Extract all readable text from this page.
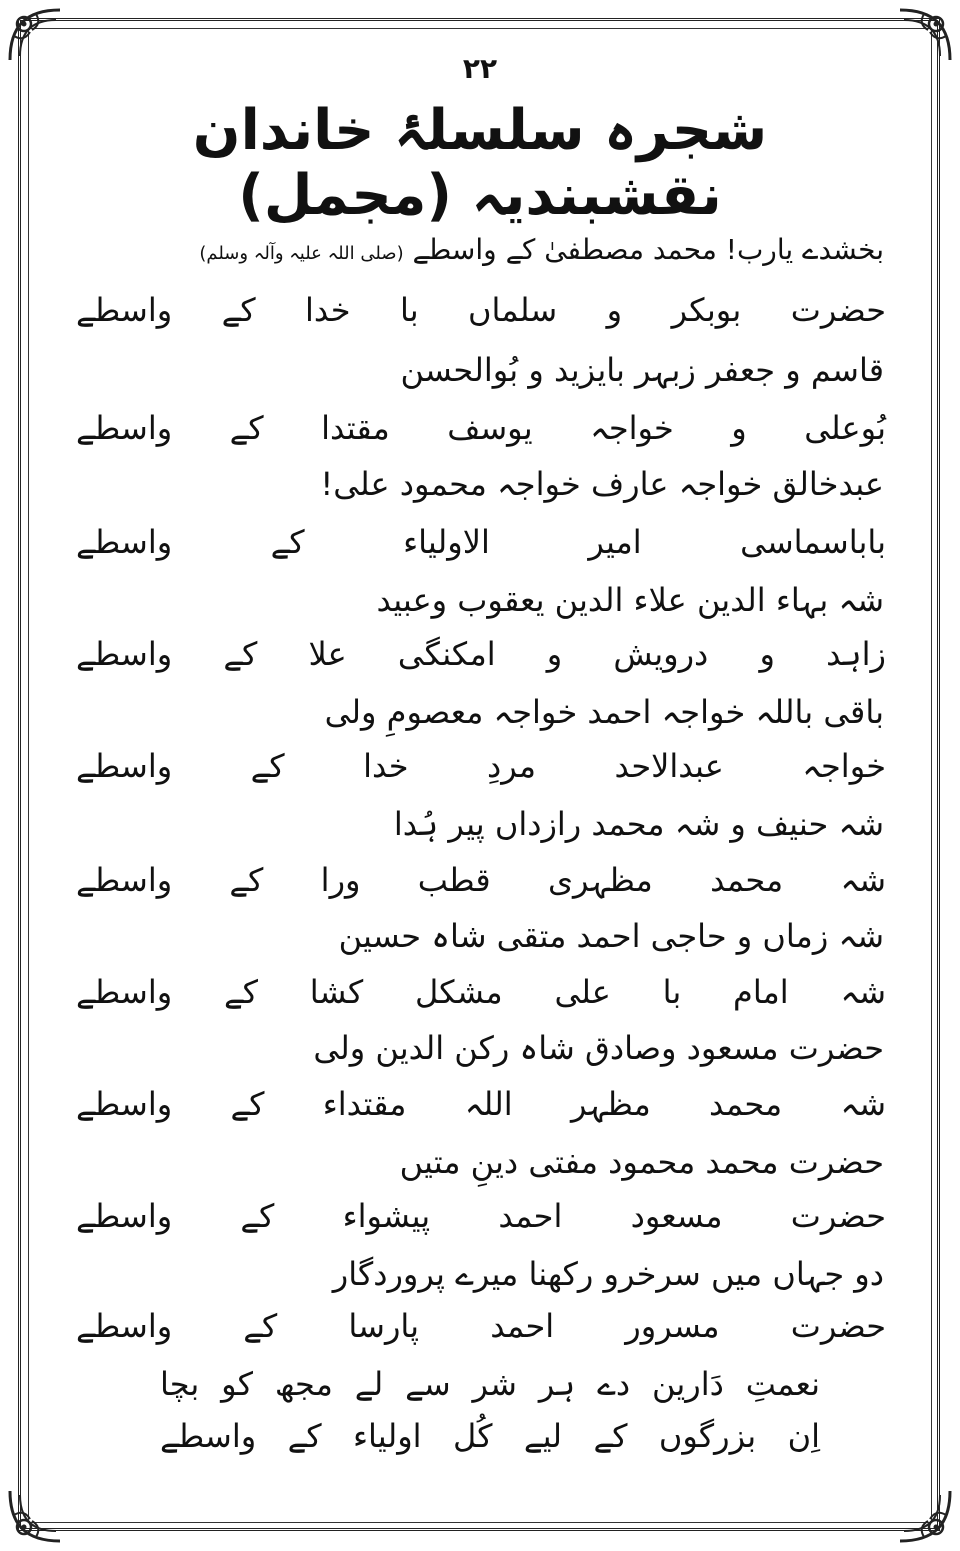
۲۲
شجرہ سلسلۂ خاندان نقشبندیہ (مجمل)
بخشدے یارب! محمد مصطفیٰ کے واسطے (صلی اللہ علیہ وآلہ وسلم)
حضرت بوبکر و سلماں با خدا کے واسطے
قاسم و جعفر زبہر بایزید و بُوالحسن
بُوعلی و خواجہ یوسف مقتدا کے واسطے
عبدخالق خواجہ عارف خواجہ محمود علی!
باباسماسی امیر الاولیاء کے واسطے
شہ بہاء الدین علاء الدین یعقوب وعبید
زاہد و درویش و امکنگی علا کے واسطے
باقی باللہ خواجہ احمد خواجہ معصومِ ولی
خواجہ عبدالاحد مردِ خدا کے واسطے
شہ حنیف و شہ محمد رازداں پیر ہُدا
شہ محمد مظہری قطب ورا کے واسطے
شہ زماں و حاجی احمد متقی شاہ حسین
شہ امام با علی مشکل کشا کے واسطے
حضرت مسعود وصادق شاہ رکن الدین ولی
شہ محمد مظہر اللہ مقتداء کے واسطے
حضرت محمد محمود مفتی دینِ متیں
حضرت مسعود احمد پیشواء کے واسطے
دو جہاں میں سرخرو رکھنا میرے پروردگار
حضرت مسرور احمد پارسا کے واسطے
نعمتِ دَارین دے ہر شر سے لے مجھ کو بچا
اِن بزرگوں کے لیے کُل اولیاء کے واسطے
